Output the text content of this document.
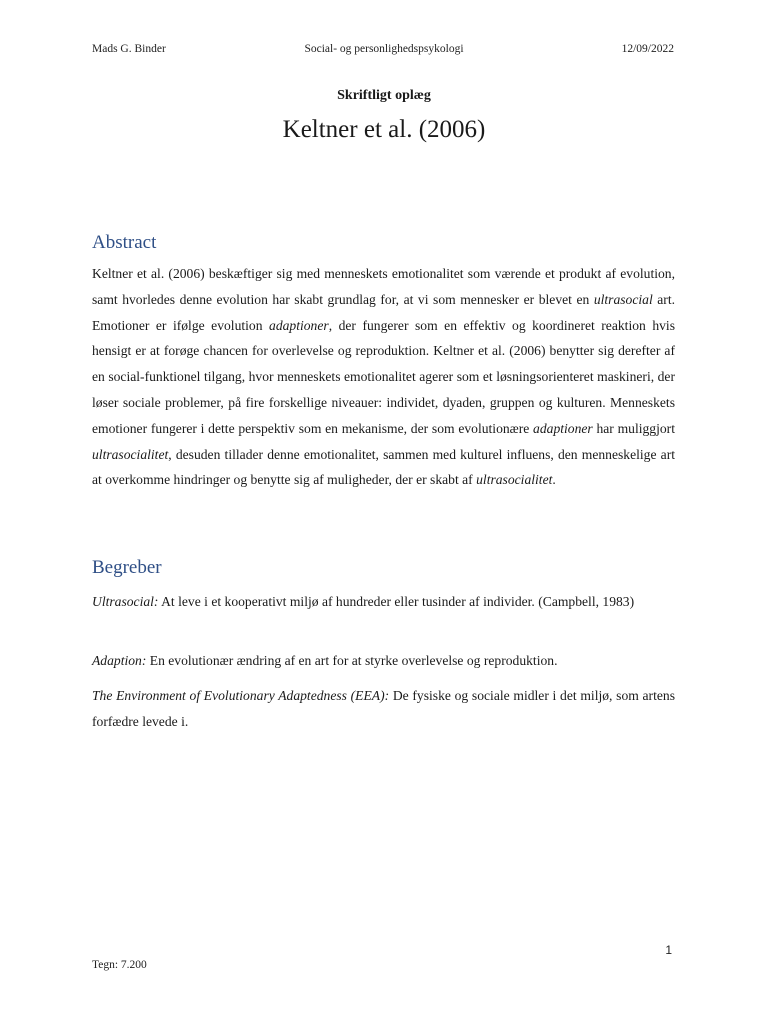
Mads G. Binder	Social- og personlighedspsykologi	12/09/2022
Skriftligt oplæg
Keltner et al. (2006)
Abstract
Keltner et al. (2006) beskæftiger sig med menneskets emotionalitet som værende et produkt af evolution, samt hvorledes denne evolution har skabt grundlag for, at vi som mennesker er blevet en ultrasocial art. Emotioner er ifølge evolution adaptioner, der fungerer som en effektiv og koordineret reaktion hvis hensigt er at forøge chancen for overlevelse og reproduktion. Keltner et al. (2006) benytter sig derefter af en social-funktionel tilgang, hvor menneskets emotionalitet agerer som et løsningsorienteret maskineri, der løser sociale problemer, på fire forskellige niveauer: individet, dyaden, gruppen og kulturen. Menneskets emotioner fungerer i dette perspektiv som en mekanisme, der som evolutionære adaptioner har muliggjort ultrasocialitet, desuden tillader denne emotionalitet, sammen med kulturel influens, den menneskelige art at overkomme hindringer og benytte sig af muligheder, der er skabt af ultrasocialitet.
Begreber
Ultrasocial: At leve i et kooperativt miljø af hundreder eller tusinder af individer. (Campbell, 1983)
Adaption: En evolutionær ændring af en art for at styrke overlevelse og reproduktion.
The Environment of Evolutionary Adaptedness (EEA): De fysiske og sociale midler i det miljø, som artens forfædre levede i.
1
Tegn: 7.200
